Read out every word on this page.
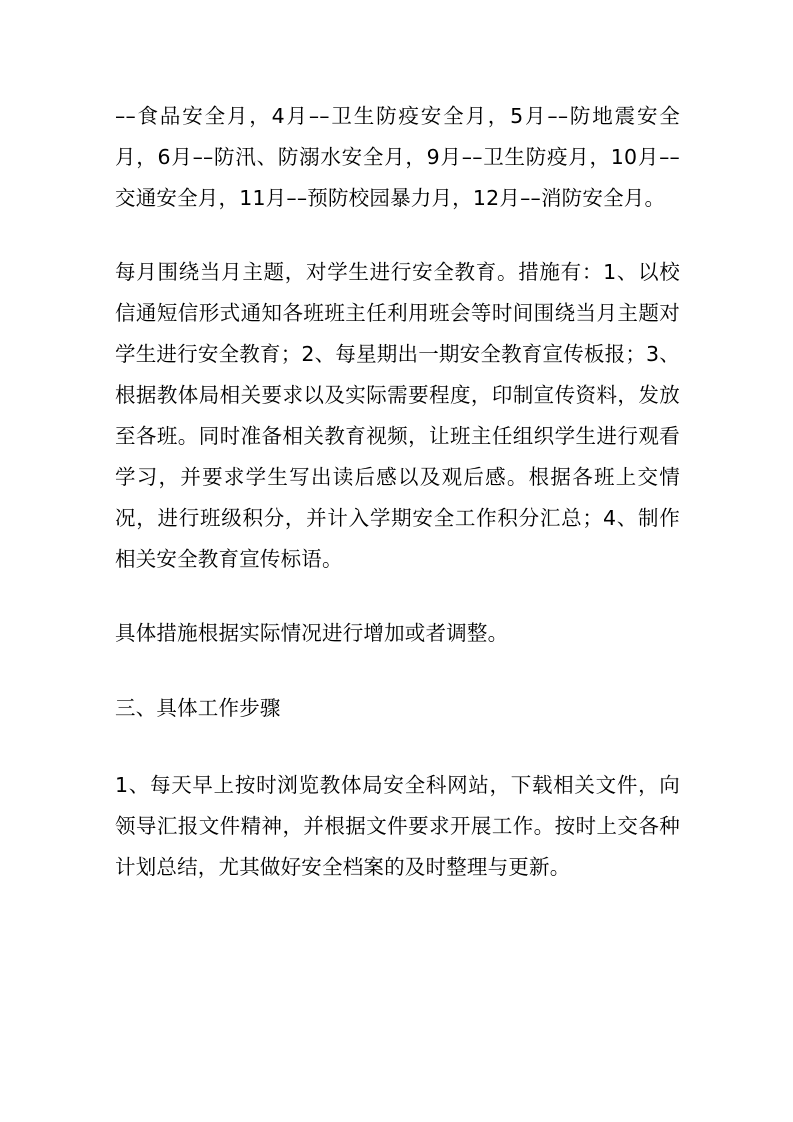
––食品安全月，4月––卫生防疫安全月，5月––防地震安全月，6月––防汛、防溺水安全月，9月––卫生防疫月，10月––交通安全月，11月––预防校园暴力月，12月––消防安全月。

每月围绕当月主题，对学生进行安全教育。措施有：1、以校信通短信形式通知各班班主任利用班会等时间围绕当月主题对学生进行安全教育；2、每星期出一期安全教育宣传板报；3、根据教体局相关要求以及实际需要程度，印制宣传资料，发放至各班。同时准备相关教育视频，让班主任组织学生进行观看学习，并要求学生写出读后感以及观后感。根据各班上交情况，进行班级积分，并计入学期安全工作积分汇总；4、制作相关安全教育宣传标语。

具体措施根据实际情况进行增加或者调整。

三、具体工作步骤

1、每天早上按时浏览教体局安全科网站，下载相关文件，向领导汇报文件精神，并根据文件要求开展工作。按时上交各种计划总结，尤其做好安全档案的及时整理与更新。
